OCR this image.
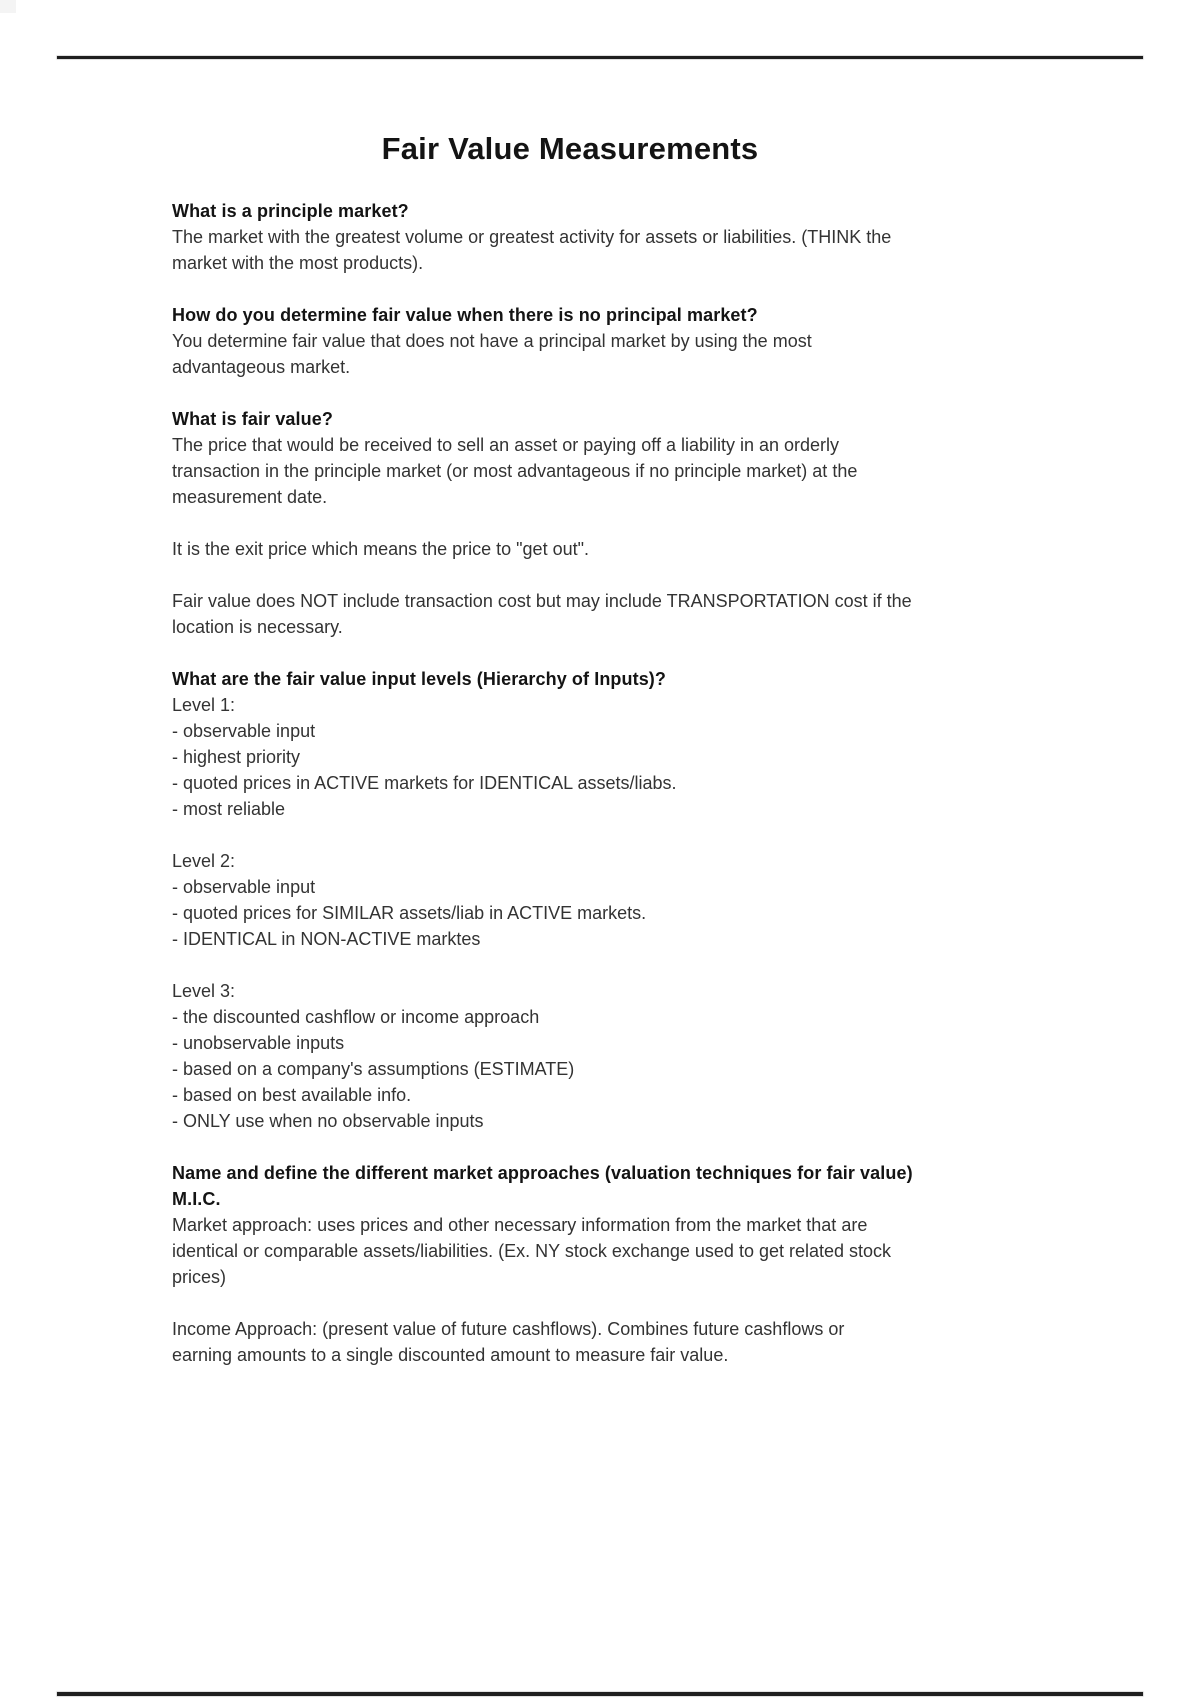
Fair Value Measurements
What is a principle market?
The market with the greatest volume or greatest activity for assets or liabilities. (THINK the
market with the most products).
How do you determine fair value when there is no principal market?
You determine fair value that does not have a principal market by using the most
advantageous market.
What is fair value?
The price that would be received to sell an asset or paying off a liability in an orderly
transaction in the principle market (or most advantageous if no principle market) at the
measurement date.
It is the exit price which means the price to "get out".
Fair value does NOT include transaction cost but may include TRANSPORTATION cost if the
location is necessary.
What are the fair value input levels (Hierarchy of Inputs)?
Level 1:
- observable input
- highest priority
- quoted prices in ACTIVE markets for IDENTICAL assets/liabs.
- most reliable
Level 2:
- observable input
- quoted prices for SIMILAR assets/liab in ACTIVE markets.
- IDENTICAL in NON-ACTIVE marktes
Level 3:
- the discounted cashflow or income approach
- unobservable inputs
- based on a company's assumptions (ESTIMATE)
- based on best available info.
- ONLY use when no observable inputs
Name and define the different market approaches (valuation techniques for fair value)
M.I.C.
Market approach: uses prices and other necessary information from the market that are
identical or comparable assets/liabilities. (Ex. NY stock exchange used to get related stock
prices)
Income Approach: (present value of future cashflows). Combines future cashflows or
earning amounts to a single discounted amount to measure fair value.
